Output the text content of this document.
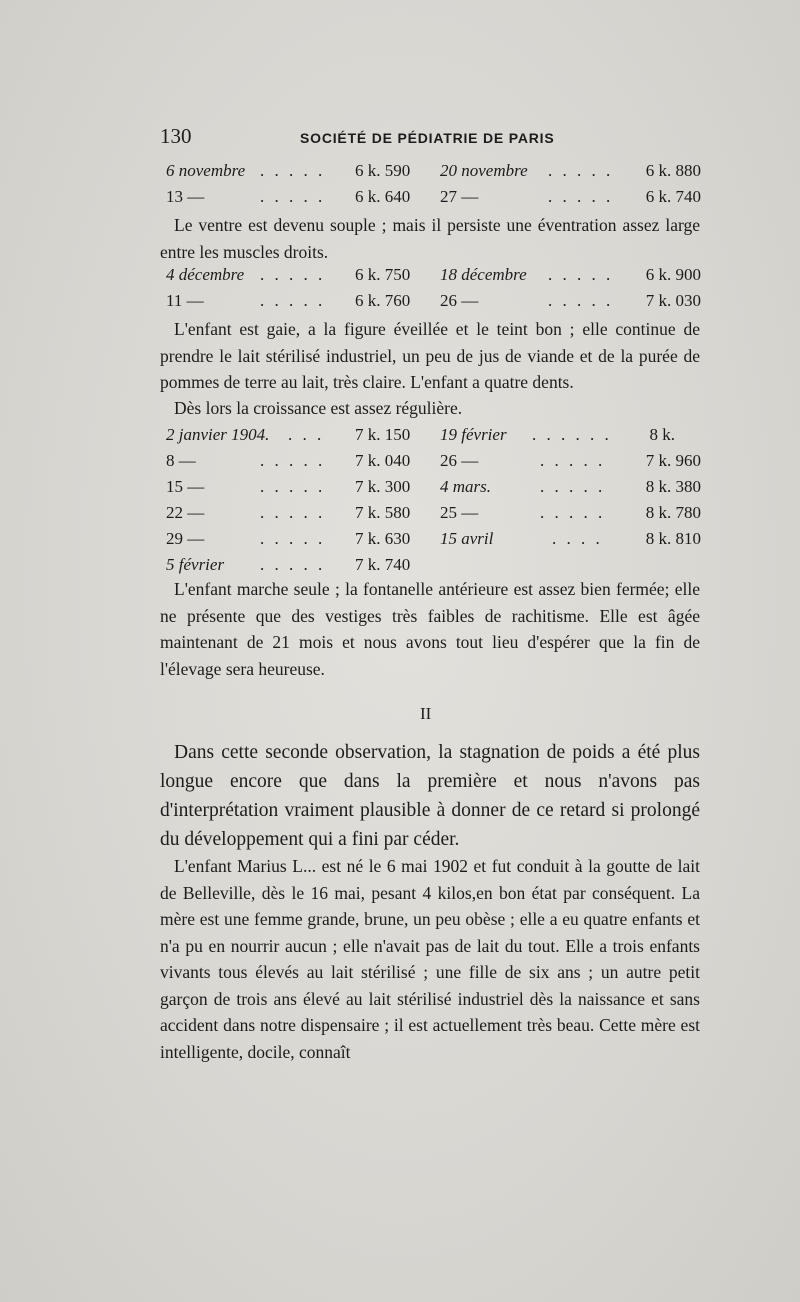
130	SOCIÉTÉ DE PÉDIATRIE DE PARIS
6 novembre . . . . . 6 k. 590 20 novembre . . . . . 6 k. 880
13 —	. . . . . 6 k. 640 27 —	. . . . . 6 k. 740

Le ventre est devenu souple ; mais il persiste une éventration assez large entre les muscles droits.

4 décembre . . . . . 6 k. 750 18 décembre . . . . . 6 k. 900
11 —	. . . . . 6 k. 760 26 —	. . . . . 7 k. 030

L'enfant est gaie, a la figure éveillée et le teint bon ; elle continue de prendre le lait stérilisé industriel, un peu de jus de viande et de la purée de pommes de terre au lait, très claire. L'enfant a quatre dents.

Dès lors la croissance est assez régulière.

2 janvier 1904. . . . 7 k. 150 19 février . . . . . . 8 k.
8 —	. . . . . 7 k. 040 26 —	. . . . . 7 k. 960
15 —	. . . . . 7 k. 300 4 mars.	. . . . . 8 k. 380
22 —	. . . . . 7 k. 580 25 —	. . . . . 8 k. 780
29 —	. . . . . 7 k. 630 15 avril	. . . .	8 k. 810
5 février . . . . . 7 k. 740

L'enfant marche seule ; la fontanelle antérieure est assez bien fermée; elle ne présente que des vestiges très faibles de rachitisme. Elle est âgée maintenant de 21 mois et nous avons tout lieu d'espérer que la fin de l'élevage sera heureuse.

II

Dans cette seconde observation, la stagnation de poids a été plus longue encore que dans la première et nous n'avons pas d'interprétation vraiment plausible à donner de ce retard si prolongé du développement qui a fini par céder.

L'enfant Marius L... est né le 6 mai 1902 et fut conduit à la goutte de lait de Belleville, dès le 16 mai, pesant 4 kilos,en bon état par conséquent. La mère est une femme grande, brune, un peu obèse ; elle a eu quatre enfants et n'a pu en nourrir aucun ; elle n'avait pas de lait du tout. Elle a trois enfants vivants tous élevés au lait stérilisé ; une fille de six ans ; un autre petit garçon de trois ans élevé au lait stérilisé industriel dès la naissance et sans accident dans notre dispensaire ; il est actuellement très beau. Cette mère est intelligente, docile, connaît
